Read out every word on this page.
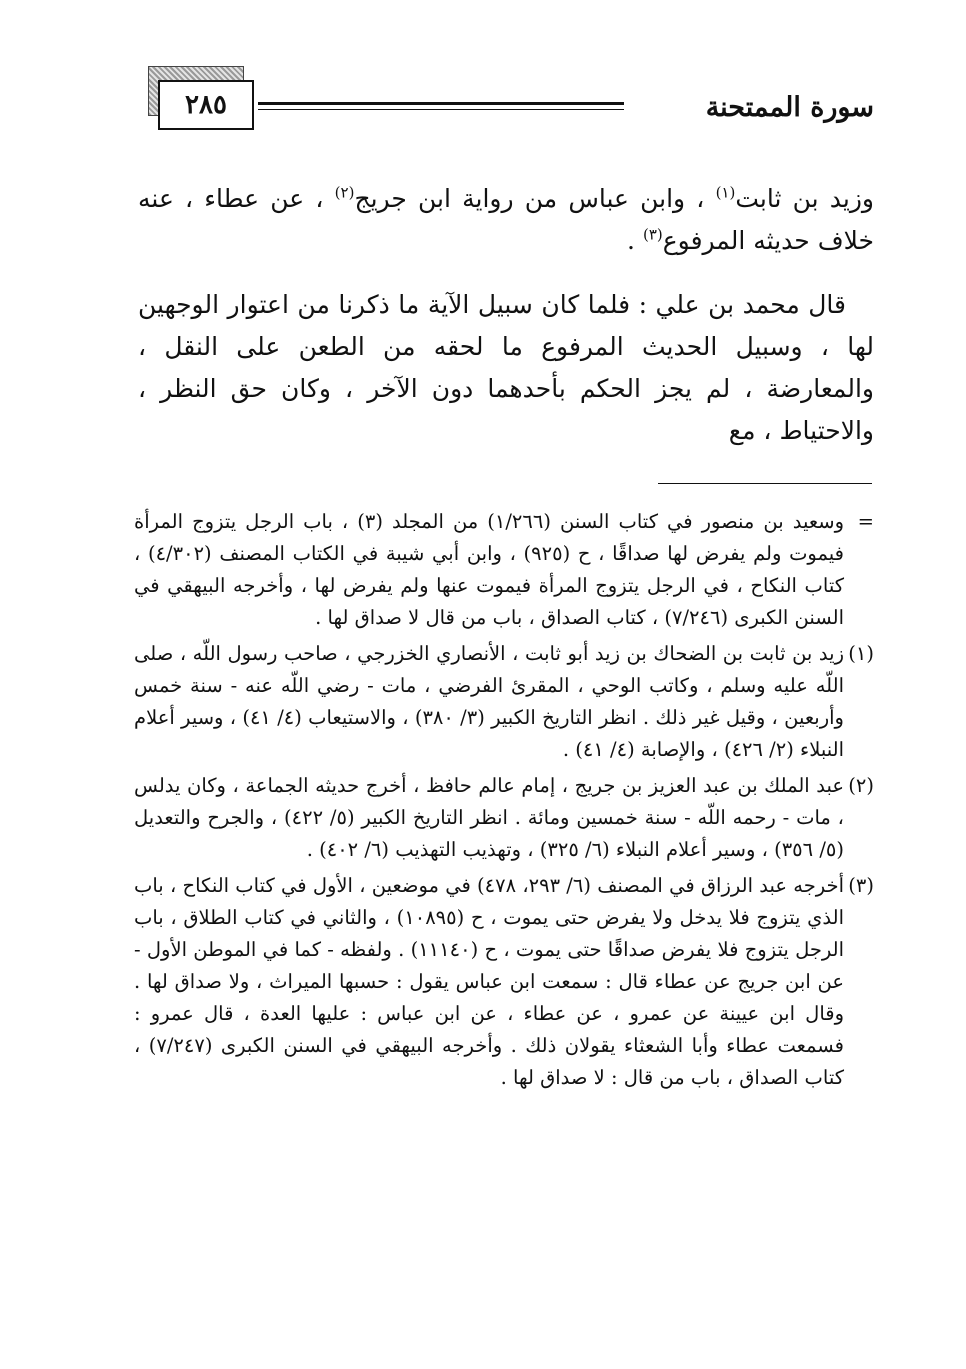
سورة الممتحنة
٢٨٥

وزيد بن ثابت$^{(١)}$ ، وابن عباس من رواية ابن جريج$^{(٢)}$ ، عن عطاء ، عنه خلاف حديثه المرفوع$^{(٣)}$ .

قال محمد بن علي : فلما كان سبيل الآية ما ذكرنا من اعتوار الوجهين لها ، وسبيل الحديث المرفوع ما لحقه من الطعن على النقل ، والمعارضة ، لم يجز الحكم بأحدهما دون الآخر ، وكان حق النظر ، والاحتياط ، مع

=
وسعيد بن منصور في كتاب السنن (١/٢٦٦) من المجلد (٣) ، باب الرجل يتزوج المرأة فيموت ولم يفرض لها صداقًا ، ح (٩٢٥) ، وابن أبي شيبة في الكتاب المصنف (٤/٣٠٢) ، كتاب النكاح ، في الرجل يتزوج المرأة فيموت عنها ولم يفرض لها ، وأخرجه البيهقي في السنن الكبرى (٧/٢٤٦) ، كتاب الصداق ، باب من قال لا صداق لها .
(١)
زيد بن ثابت بن الضحاك بن زيد أبو ثابت ، الأنصاري الخزرجي ، صاحب رسول اللّه ، صلى اللّه عليه وسلم ، وكاتب الوحي ، المقرئ الفرضي ، مات - رضي اللّه عنه - سنة خمس وأربعين ، وقيل غير ذلك . انظر التاريخ الكبير (٣/ ٣٨٠) ، والاستيعاب (٤/ ٤١) ، وسير أعلام النبلاء (٢/ ٤٢٦) ، والإصابة (٤/ ٤١) .
(٢)
عبد الملك بن عبد العزيز بن جريج ، إمام عالم حافظ ، أخرج حديثه الجماعة ، وكان يدلس ، مات - رحمه اللّه - سنة خمسين ومائة . انظر التاريخ الكبير (٥/ ٤٢٢) ، والجرح والتعديل (٥/ ٣٥٦) ، وسير أعلام النبلاء (٦/ ٣٢٥) ، وتهذيب التهذيب (٦/ ٤٠٢) .
(٣)
أخرجه عبد الرزاق في المصنف (٦/ ٢٩٣، ٤٧٨) في موضعين ، الأول في كتاب النكاح ، باب الذي يتزوج فلا يدخل ولا يفرض حتى يموت ، ح (١٠٨٩٥) ، والثاني في كتاب الطلاق ، باب الرجل يتزوج فلا يفرض صداقًا حتى يموت ، ح (١١١٤٠) . ولفظه - كما في الموطن الأول - عن ابن جريج عن عطاء قال : سمعت ابن عباس يقول : حسبها الميراث ، ولا صداق لها . وقال ابن عيينة عن عمرو ، عن عطاء ، عن ابن عباس : عليها العدة ، قال عمرو : فسمعت عطاء وأبا الشعثاء يقولان ذلك . وأخرجه البيهقي في السنن الكبرى (٧/٢٤٧) ، كتاب الصداق ، باب من قال : لا صداق لها .
